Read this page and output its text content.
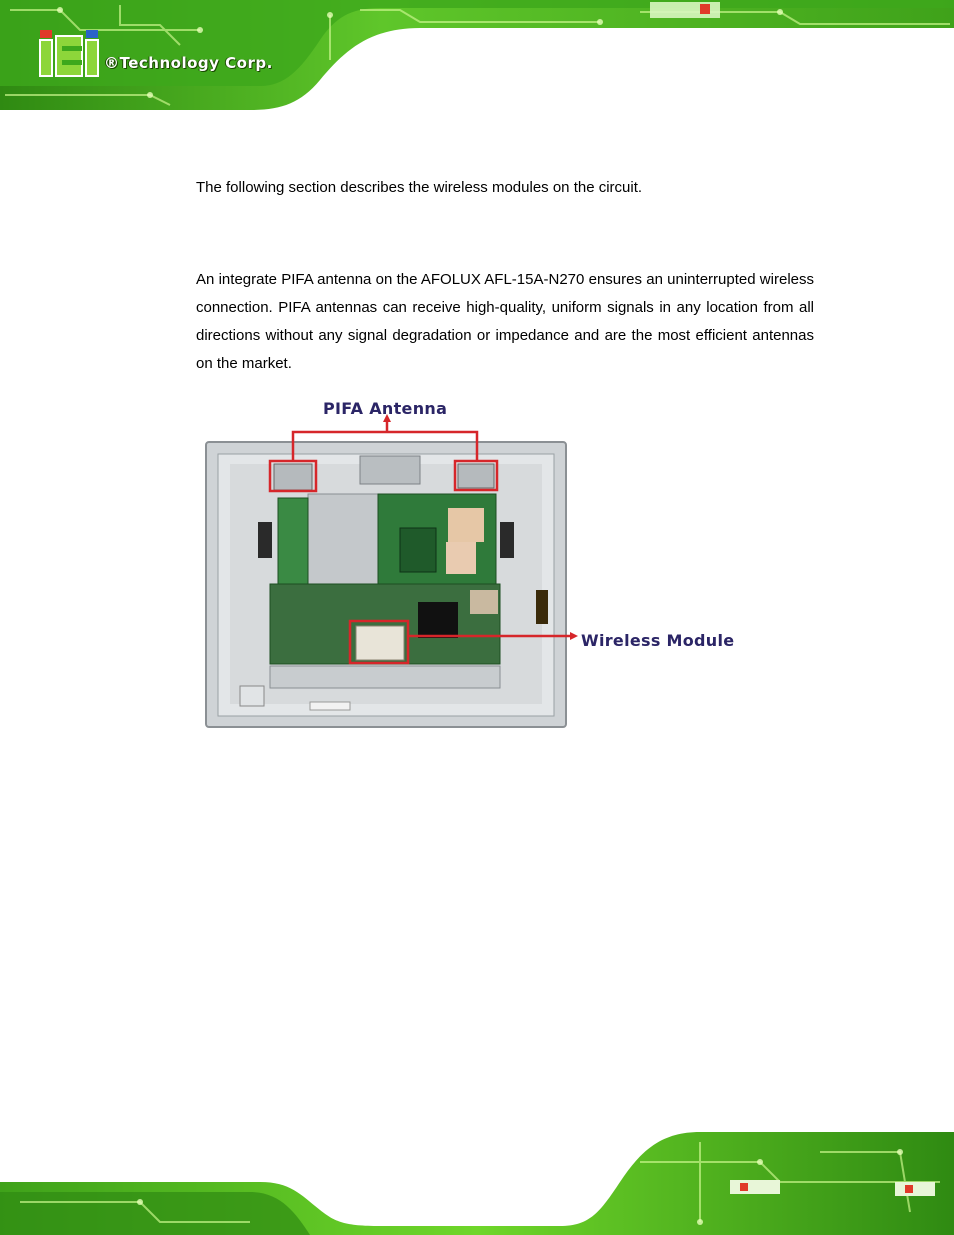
®Technology Corp.

The following section describes the wireless modules on the circuit.

An integrate PIFA antenna on the AFOLUX AFL-15A-N270 ensures an uninterrupted wireless connection. PIFA antennas can receive high-quality, uniform signals in any location from all directions without any signal degradation or impedance and are the most efficient antennas on the market.

PIFA Antenna
Wireless Module
